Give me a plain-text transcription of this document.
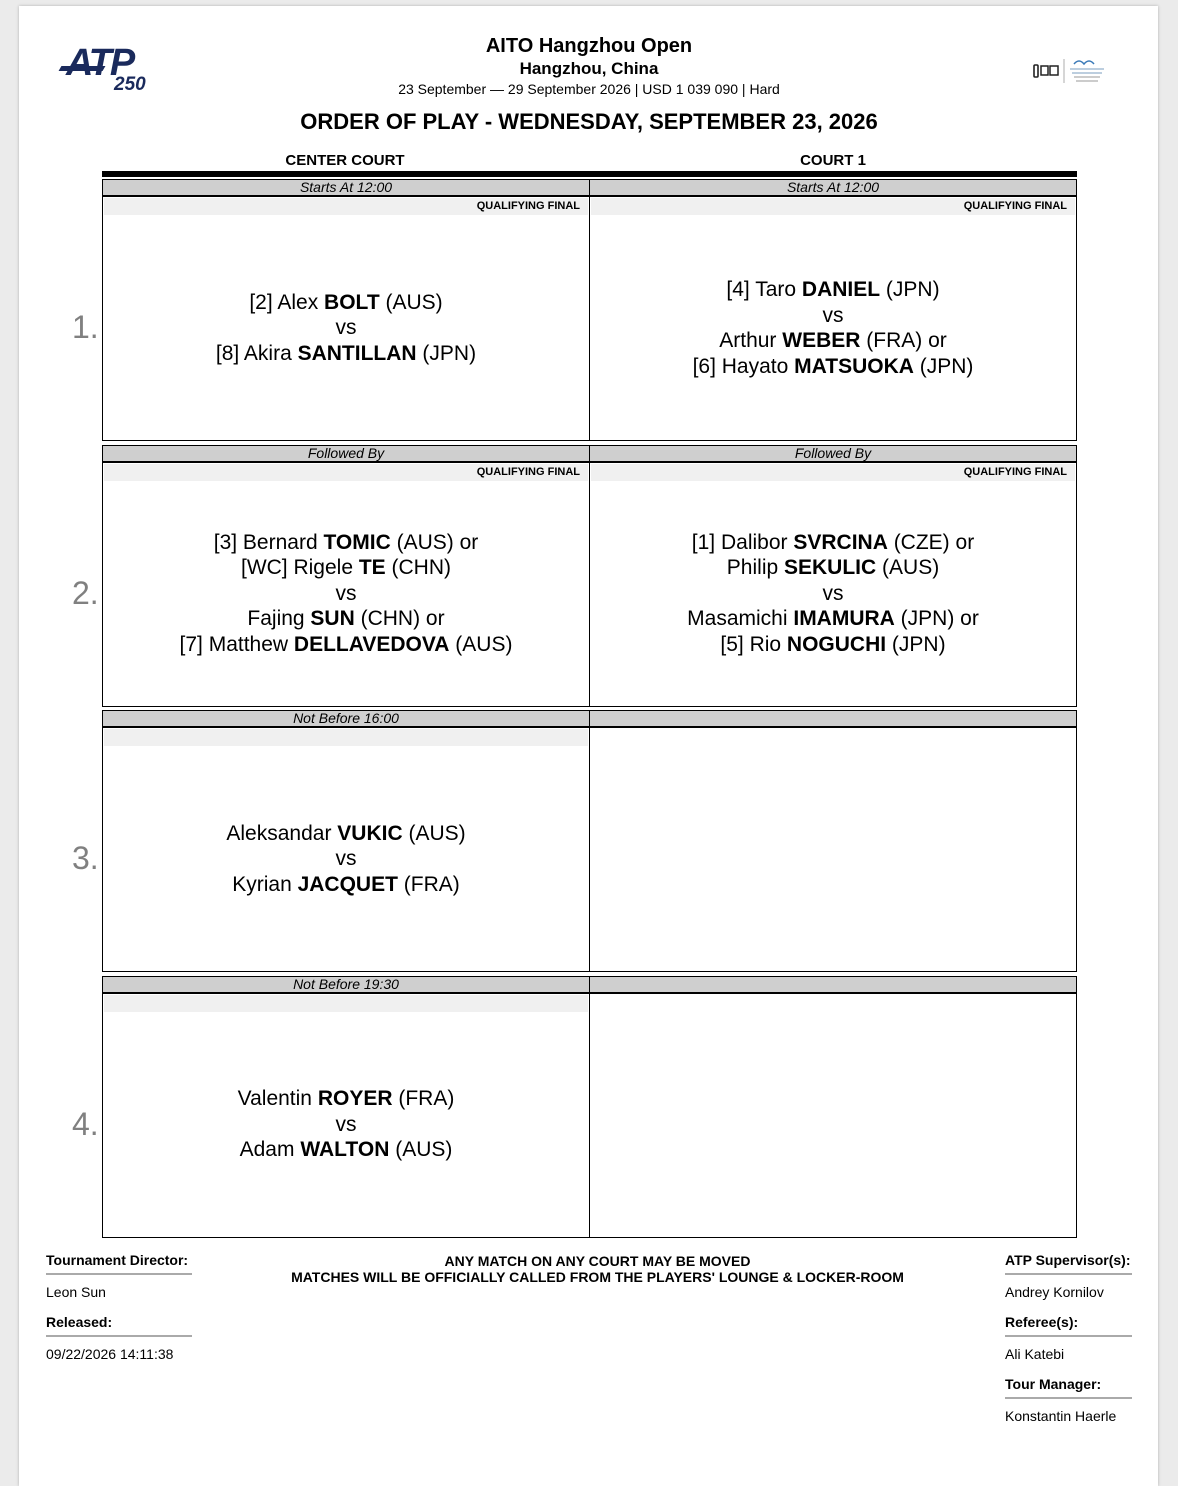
ATP
250
AITO Hangzhou Open
Hangzhou, China
23 September — 29 September 2026 | USD 1 039 090 | Hard
ORDER OF PLAY - WEDNESDAY, SEPTEMBER 23, 2026
CENTER COURT	COURT 1
1.
Starts At 12:00
QUALIFYING FINAL
[2] Alex BOLT (AUS)
vs
[8] Akira SANTILLAN (JPN)
Starts At 12:00
QUALIFYING FINAL
[4] Taro DANIEL (JPN)
vs
Arthur WEBER (FRA) or
[6] Hayato MATSUOKA (JPN)
2.
Followed By
QUALIFYING FINAL
[3] Bernard TOMIC (AUS) or
[WC] Rigele TE (CHN)
vs
Fajing SUN (CHN) or
[7] Matthew DELLAVEDOVA (AUS)
Followed By
QUALIFYING FINAL
[1] Dalibor SVRCINA (CZE) or
Philip SEKULIC (AUS)
vs
Masamichi IMAMURA (JPN) or
[5] Rio NOGUCHI (JPN)
3.
Not Before 16:00
Aleksandar VUKIC (AUS)
vs
Kyrian JACQUET (FRA)
4.
Not Before 19:30
Valentin ROYER (FRA)
vs
Adam WALTON (AUS)
ANY MATCH ON ANY COURT MAY BE MOVED
MATCHES WILL BE OFFICIALLY CALLED FROM THE PLAYERS' LOUNGE & LOCKER-ROOM
Tournament Director:
Leon Sun
Released:
09/22/2026 14:11:38
ATP Supervisor(s):
Andrey Kornilov
Referee(s):
Ali Katebi
Tour Manager:
Konstantin Haerle
